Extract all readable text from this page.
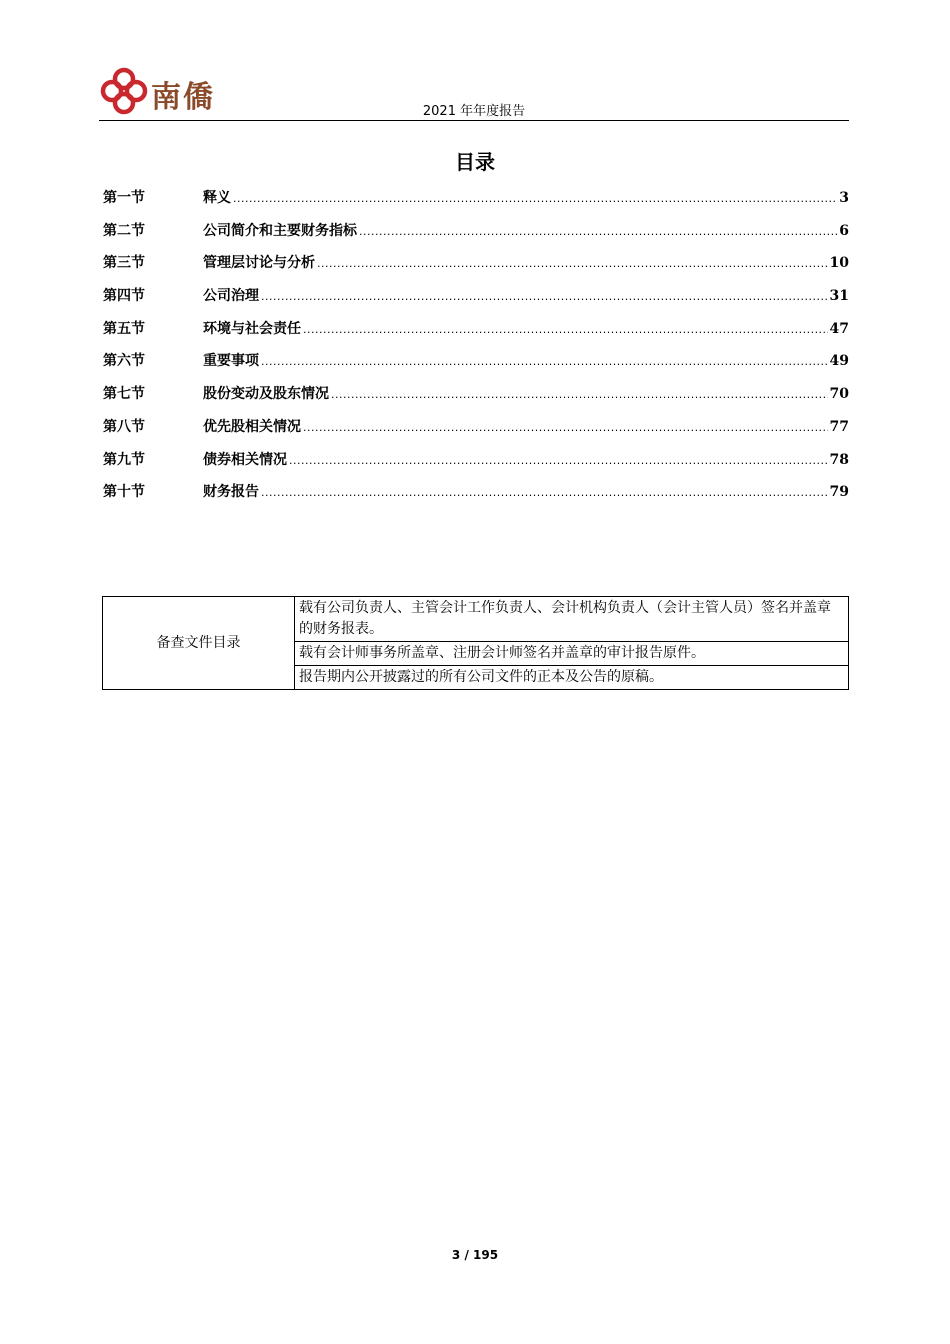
南僑	2021 年年度报告
目录
第一节	释义 .....	3
第二节	公司简介和主要财务指标 .....	6
第三节	管理层讨论与分析 .....	10
第四节	公司治理 .....	31
第五节	环境与社会责任 .....	47
第六节	重要事项 .....	49
第七节	股份变动及股东情况 .....	70
第八节	优先股相关情况 .....	77
第九节	债券相关情况 .....	78
第十节	财务报告 .....	79
备查文件目录	载有公司负责人、主管会计工作负责人、会计机构负责人（会计主管人员）签名并盖章的财务报表。
载有会计师事务所盖章、注册会计师签名并盖章的审计报告原件。
报告期内公开披露过的所有公司文件的正本及公告的原稿。
3 / 195
